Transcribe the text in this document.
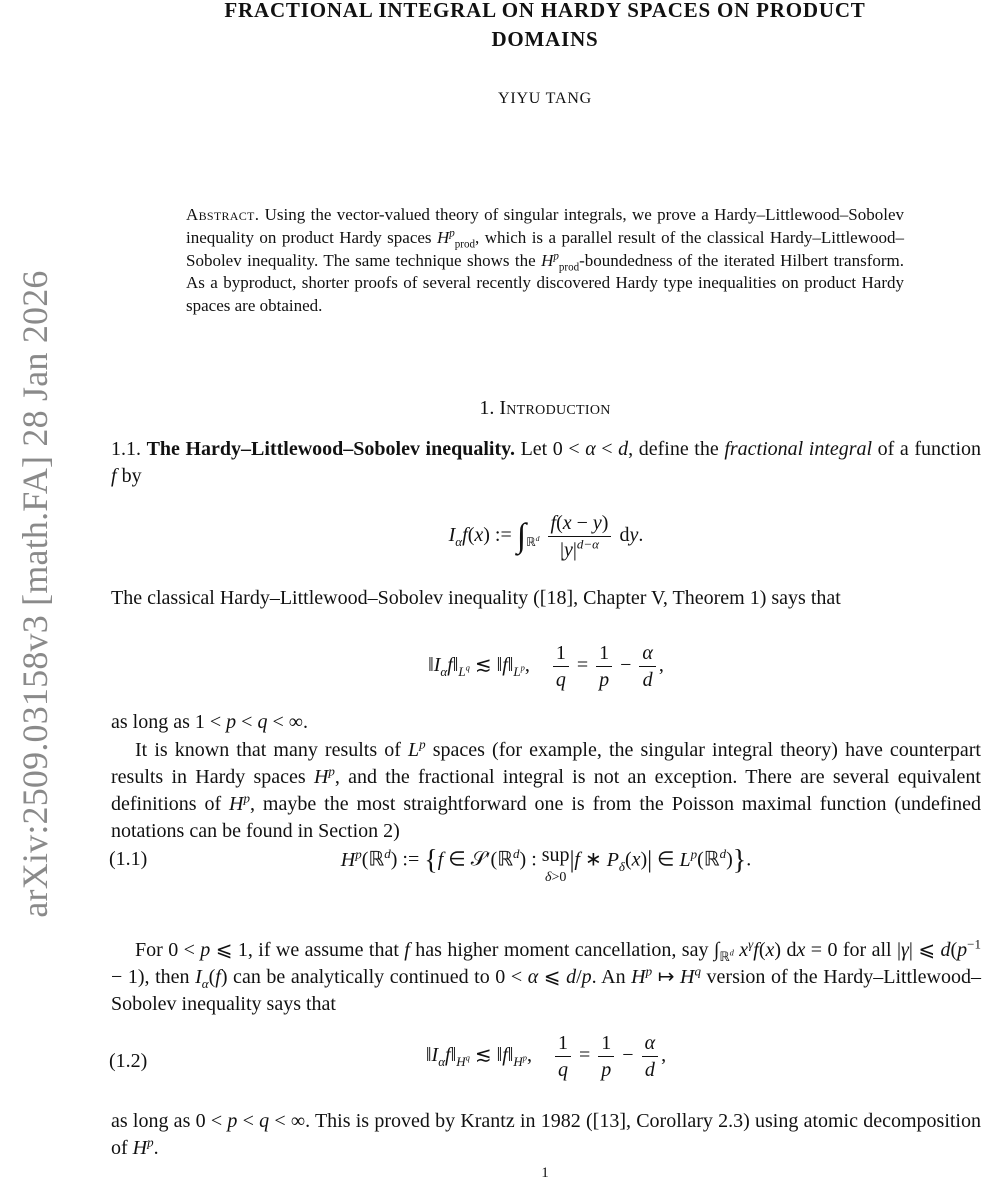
arXiv:2509.03158v3 [math.FA] 28 Jan 2026
FRACTIONAL INTEGRAL ON HARDY SPACES ON PRODUCT
DOMAINS
YIYU TANG

Abstract. Using the vector-valued theory of singular integrals, we prove a Hardy–Littlewood–Sobolev inequality on product Hardy spaces $H^p_{prod}$, which is a parallel result of the classical Hardy–Littlewood–Sobolev inequality. The same technique shows the $H^p_{prod}$-boundedness of the iterated Hilbert transform. As a byproduct, shorter proofs of several recently discovered Hardy type inequalities on product Hardy spaces are obtained.

1. Introduction

1.1. The Hardy–Littlewood–Sobolev inequality. Let 0 < α < d, define the fractional integral of a function f by

$I_\alpha f(x)$ := $\int_{ℝ^d} \frac{f(x - y)}{|y|^{d-\alpha}}$ dy.

The classical Hardy–Littlewood–Sobolev inequality ([18], Chapter V, Theorem 1) says that

$‖I_\alpha f‖_{L^q}$ ≲ $‖f‖_{L^p}$, $\frac{1}{q} = \frac{1}{p} - \frac{\alpha}{d}$ ,

as long as 1 < p < q < ∞.

It is known that many results of $L^p$ spaces (for example, the singular integral theory) have counterpart results in Hardy spaces $H^p$, and the fractional integral is not an exception. There are several equivalent definitions of $H^p$, maybe the most straightforward one is from the Poisson maximal function (undefined notations can be found in Section 2)

(1.1)	$H^p(ℝ^d)$ := {f ∈ 𝒮′(ℝ$^d$) : sup
δ>0|f ∗ $P_\delta(x)|$ ∈ $L^p(ℝ^d)$}.

For 0 < p ⩽ 1, if we assume that f has higher moment cancellation, say $\int_{ℝ^d}$ $x^\gamma f(x)$ dx = 0 for all |γ| ⩽ $d(p^{-1} - 1)$, then $I_\alpha(f)$ can be analytically continued to 0 < α ⩽ d/p. An $H^p$ ↦ $H^q$ version of the Hardy–Littlewood–Sobolev inequality says that

(1.2)	$‖I_\alpha f‖_{H^q}$ ≲ $‖f‖_{H^p}$, $\frac{1}{q} = \frac{1}{p} - \frac{\alpha}{d}$ ,

as long as 0 < p < q < ∞. This is proved by Krantz in 1982 ([13], Corollary 2.3) using atomic decomposition of $H^p$.

1
